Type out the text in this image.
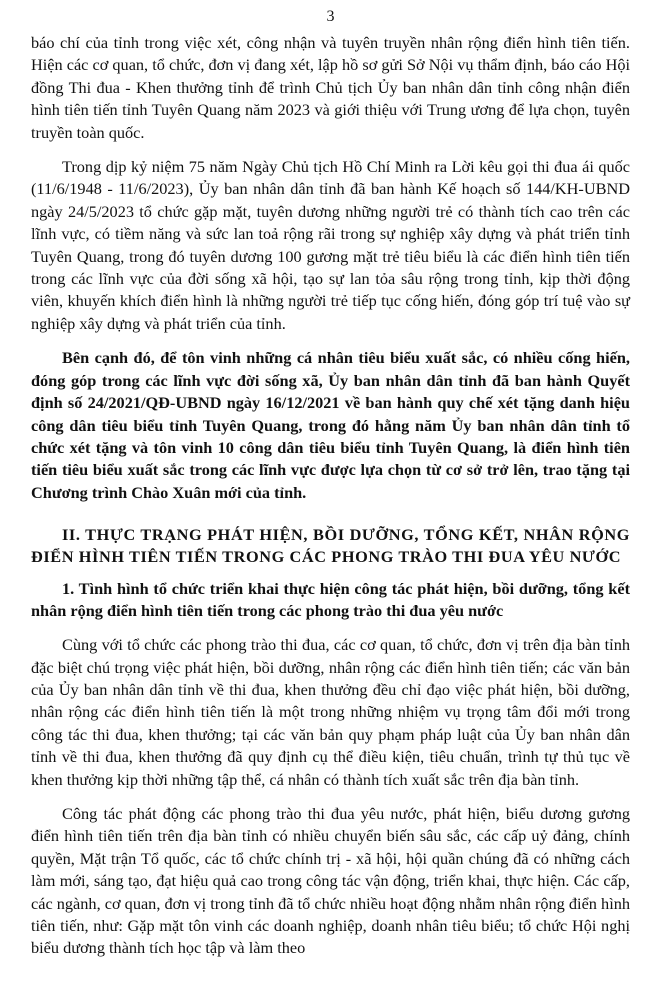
3

báo chí của tỉnh trong việc xét, công nhận và tuyên truyền nhân rộng điển hình tiên tiến. Hiện các cơ quan, tổ chức, đơn vị đang xét, lập hồ sơ gửi Sở Nội vụ thẩm định, báo cáo Hội đồng Thi đua - Khen thưởng tỉnh để trình Chủ tịch Ủy ban nhân dân tỉnh công nhận điển hình tiên tiến tỉnh Tuyên Quang năm 2023 và giới thiệu với Trung ương để lựa chọn, tuyên truyền toàn quốc.

Trong dịp kỷ niệm 75 năm Ngày Chủ tịch Hồ Chí Minh ra Lời kêu gọi thi đua ái quốc (11/6/1948 - 11/6/2023), Ủy ban nhân dân tỉnh đã ban hành Kế hoạch số 144/KH-UBND ngày 24/5/2023 tổ chức gặp mặt, tuyên dương những người trẻ có thành tích cao trên các lĩnh vực, có tiềm năng và sức lan toả rộng rãi trong sự nghiệp xây dựng và phát triển tỉnh Tuyên Quang, trong đó tuyên dương 100 gương mặt trẻ tiêu biểu là các điển hình tiên tiến trong các lĩnh vực của đời sống xã hội, tạo sự lan tỏa sâu rộng trong tỉnh, kịp thời động viên, khuyến khích điển hình là những người trẻ tiếp tục cống hiến, đóng góp trí tuệ vào sự nghiệp xây dựng và phát triển của tỉnh.

Bên cạnh đó, để tôn vinh những cá nhân tiêu biểu xuất sắc, có nhiều cống hiến, đóng góp trong các lĩnh vực đời sống xã, Ủy ban nhân dân tỉnh đã ban hành Quyết định số 24/2021/QĐ-UBND ngày 16/12/2021 về ban hành quy chế xét tặng danh hiệu công dân tiêu biểu tỉnh Tuyên Quang, trong đó hằng năm Ủy ban nhân dân tỉnh tổ chức xét tặng và tôn vinh 10 công dân tiêu biểu tỉnh Tuyên Quang, là điển hình tiên tiến tiêu biểu xuất sắc trong các lĩnh vực được lựa chọn từ cơ sở trở lên, trao tặng tại Chương trình Chào Xuân mới của tỉnh.

II. THỰC TRẠNG PHÁT HIỆN, BỒI DƯỠNG, TỔNG KẾT, NHÂN RỘNG ĐIỂN HÌNH TIÊN TIẾN TRONG CÁC PHONG TRÀO THI ĐUA YÊU NƯỚC
1. Tình hình tổ chức triển khai thực hiện công tác phát hiện, bồi dưỡng, tổng kết nhân rộng điển hình tiên tiến trong các phong trào thi đua yêu nước

Cùng với tổ chức các phong trào thi đua, các cơ quan, tổ chức, đơn vị trên địa bàn tỉnh đặc biệt chú trọng việc phát hiện, bồi dưỡng, nhân rộng các điển hình tiên tiến; các văn bản của Ủy ban nhân dân tỉnh về thi đua, khen thưởng đều chỉ đạo việc phát hiện, bồi dưỡng, nhân rộng các điển hình tiên tiến là một trong những nhiệm vụ trọng tâm đổi mới trong công tác thi đua, khen thưởng; tại các văn bản quy phạm pháp luật của Ủy ban nhân dân tỉnh về thi đua, khen thưởng đã quy định cụ thể điều kiện, tiêu chuẩn, trình tự thủ tục về khen thưởng kịp thời những tập thể, cá nhân có thành tích xuất sắc trên địa bàn tỉnh.

Công tác phát động các phong trào thi đua yêu nước, phát hiện, biểu dương gương điển hình tiên tiến trên địa bàn tỉnh có nhiều chuyển biến sâu sắc, các cấp uỷ đảng, chính quyền, Mặt trận Tổ quốc, các tổ chức chính trị - xã hội, hội quần chúng đã có những cách làm mới, sáng tạo, đạt hiệu quả cao trong công tác vận động, triển khai, thực hiện. Các cấp, các ngành, cơ quan, đơn vị trong tỉnh đã tổ chức nhiều hoạt động nhằm nhân rộng điển hình tiên tiến, như: Gặp mặt tôn vinh các doanh nghiệp, doanh nhân tiêu biểu; tổ chức Hội nghị biểu dương thành tích học tập và làm theo
